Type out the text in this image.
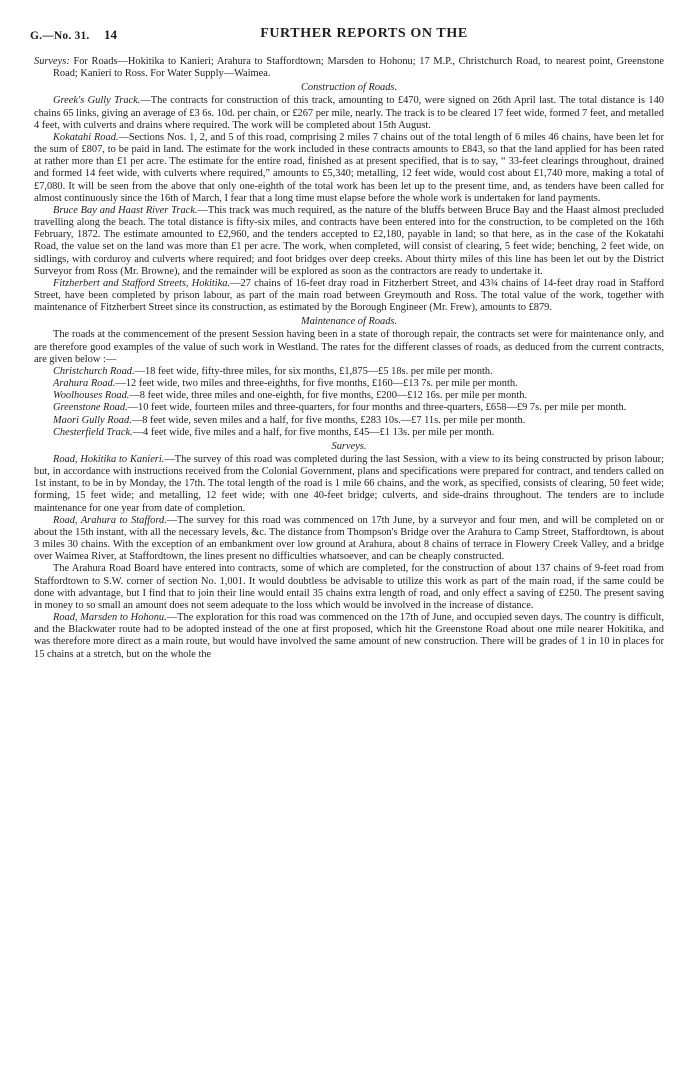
G.—No. 31. 14	FURTHER REPORTS ON THE

Surveys: For Roads—Hokitika to Kanieri; Arahura to Staffordtown; Marsden to Hohonu; 17 M.P., Christchurch Road, to nearest point, Greenstone Road; Kanieri to Ross. For Water Supply—Waimea.

Construction of Roads.

Greek's Gully Track.—The contracts for construction of this track, amounting to £470, were signed on 26th April last. The total distance is 140 chains 65 links, giving an average of £3 6s. 10d. per chain, or £267 per mile, nearly. The track is to be cleared 17 feet wide, formed 7 feet, and metalled 4 feet, with culverts and drains where required. The work will be completed about 15th August.

Kokatahi Road.—Sections Nos. 1, 2, and 5 of this road, comprising 2 miles 7 chains out of the total length of 6 miles 46 chains, have been let for the sum of £807, to be paid in land. The estimate for the work included in these contracts amounts to £843, so that the land applied for has been rated at rather more than £1 per acre. The estimate for the entire road, finished as at present specified, that is to say, “ 33-feet clearings throughout, drained and formed 14 feet wide, with culverts where required,” amounts to £5,340; metalling, 12 feet wide, would cost about £1,740 more, making a total of £7,080. It will be seen from the above that only one-eighth of the total work has been let up to the present time, and, as tenders have been called for almost continuously since the 16th of March, I fear that a long time must elapse before the whole work is undertaken for land payments.

Bruce Bay and Haast River Track.—This track was much required, as the nature of the bluffs between Bruce Bay and the Haast almost precluded travelling along the beach. The total distance is fifty-six miles, and contracts have been entered into for the construction, to be completed on the 16th February, 1872. The estimate amounted to £2,960, and the tenders accepted to £2,180, payable in land; so that here, as in the case of the Kokatahi Road, the value set on the land was more than £1 per acre. The work, when completed, will consist of clearing, 5 feet wide; benching, 2 feet wide, on sidlings, with corduroy and culverts where required; and foot bridges over deep creeks. About thirty miles of this line has been let out by the District Surveyor from Ross (Mr. Browne), and the remainder will be explored as soon as the contractors are ready to undertake it.

Fitzherbert and Stafford Streets, Hokitika.—27 chains of 16-feet dray road in Fitzherbert Street, and 43¾ chains of 14-feet dray road in Stafford Street, have been completed by prison labour, as part of the main road between Greymouth and Ross. The total value of the work, together with maintenance of Fitzherbert Street since its construction, as estimated by the Borough Engineer (Mr. Frew), amounts to £879.

Maintenance of Roads.

The roads at the commencement of the present Session having been in a state of thorough repair, the contracts set were for maintenance only, and are therefore good examples of the value of such work in Westland. The rates for the different classes of roads, as deduced from the current contracts, are given below :—

Christchurch Road.—18 feet wide, fifty-three miles, for six months, £1,875—£5 18s. per mile per month.

Arahura Road.—12 feet wide, two miles and three-eighths, for five months, £160—£13 7s. per mile per month.

Woolhouses Road.—8 feet wide, three miles and one-eighth, for five months, £200—£12 16s. per mile per month.

Greenstone Road.—10 feet wide, fourteen miles and three-quarters, for four months and three-quarters, £658—£9 7s. per mile per month.

Maori Gully Road.—8 feet wide, seven miles and a half, for five months, £283 10s.—£7 11s. per mile per month.

Chesterfield Track.—4 feet wide, five miles and a half, for five months, £45—£1 13s. per mile per month.

Surveys.

Road, Hokitika to Kanieri.—The survey of this road was completed during the last Session, with a view to its being constructed by prison labour; but, in accordance with instructions received from the Colonial Government, plans and specifications were prepared for contract, and tenders called on 1st instant, to be in by Monday, the 17th. The total length of the road is 1 mile 66 chains, and the work, as specified, consists of clearing, 50 feet wide; forming, 15 feet wide; and metalling, 12 feet wide; with one 40-feet bridge; culverts, and side-drains throughout. The tenders are to include maintenance for one year from date of completion.

Road, Arahura to Stafford.—The survey for this road was commenced on 17th June, by a surveyor and four men, and will be completed on or about the 15th instant, with all the necessary levels, &c. The distance from Thompson's Bridge over the Arahura to Camp Street, Staffordtown, is about 3 miles 30 chains. With the exception of an embankment over low ground at Arahura, about 8 chains of terrace in Flowery Creek Valley, and a bridge over Waimea River, at Staffordtown, the lines present no difficulties whatsoever, and can be cheaply constructed.

The Arahura Road Board have entered into contracts, some of which are completed, for the construction of about 137 chains of 9-feet road from Staffordtown to S.W. corner of section No. 1,001. It would doubtless be advisable to utilize this work as part of the main road, if the same could be done with advantage, but I find that to join their line would entail 35 chains extra length of road, and only effect a saving of £250. The present saving in money to so small an amount does not seem adequate to the loss which would be involved in the increase of distance.

Road, Marsden to Hohonu.—The exploration for this road was commenced on the 17th of June, and occupied seven days. The country is difficult, and the Blackwater route had to be adopted instead of the one at first proposed, which hit the Greenstone Road about one mile nearer Hokitika, and was therefore more direct as a main route, but would have involved the same amount of new construction. There will be grades of 1 in 10 in places for 15 chains at a stretch, but on the whole the
